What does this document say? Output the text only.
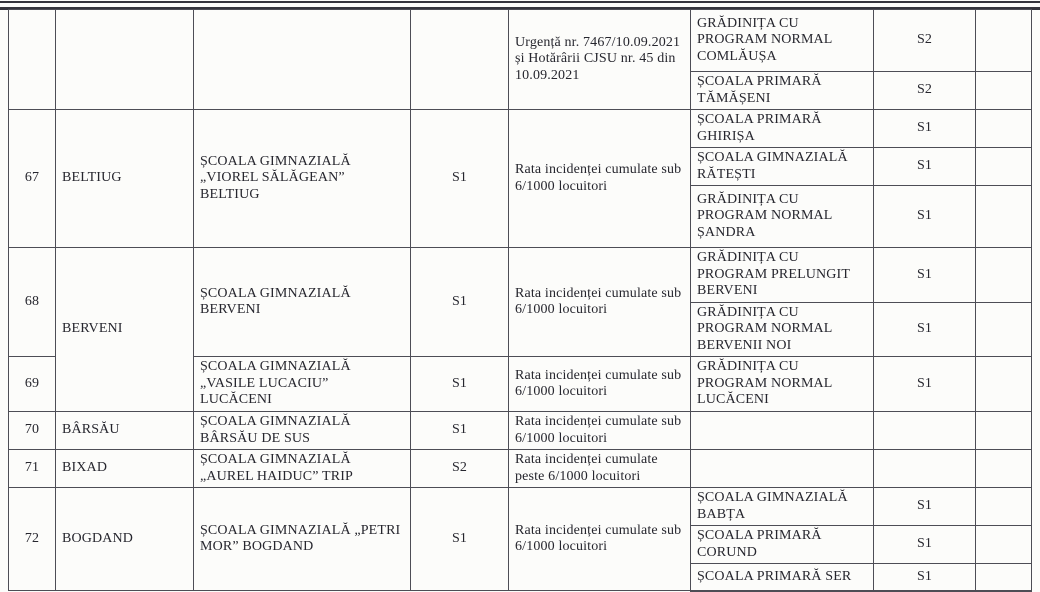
				Urgență nr. 7467/10.09.2021 și Hotărârii CJSU nr. 45 din 10.09.2021	GRĂDINIȚA CU PROGRAM NORMAL COMLĂUȘA	S2	
					ȘCOALA PRIMARĂ TĂMĂȘENI	S2	
67	BELTIUG	ȘCOALA GIMNAZIALĂ „VIOREL SĂLĂGEAN” BELTIUG	S1	Rata incidenței cumulate sub 6/1000 locuitori	ȘCOALA PRIMARĂ GHIRIȘA	S1	
					ȘCOALA GIMNAZIALĂ RĂTEȘTI	S1	
					GRĂDINIȚA CU PROGRAM NORMAL ȘANDRA	S1	
68	BERVENI	ȘCOALA GIMNAZIALĂ BERVENI	S1	Rata incidenței cumulate sub 6/1000 locuitori	GRĂDINIȚA CU PROGRAM PRELUNGIT BERVENI	S1	
					GRĂDINIȚA CU PROGRAM NORMAL BERVENII NOI	S1	
69		ȘCOALA GIMNAZIALĂ „VASILE LUCACIU” LUCĂCENI	S1	Rata incidenței cumulate sub 6/1000 locuitori	GRĂDINIȚA CU PROGRAM NORMAL LUCĂCENI	S1	
70	BÂRSĂU	ȘCOALA GIMNAZIALĂ BÂRSĂU DE SUS	S1	Rata incidenței cumulate sub 6/1000 locuitori			
71	BIXAD	ȘCOALA GIMNAZIALĂ „AUREL HAIDUC” TRIP	S2	Rata incidenței cumulate peste 6/1000 locuitori			
72	BOGDAND	ȘCOALA GIMNAZIALĂ „PETRI MOR” BOGDAND	S1	Rata incidenței cumulate sub 6/1000 locuitori	ȘCOALA GIMNAZIALĂ BABȚA	S1	
					ȘCOALA PRIMARĂ CORUND	S1	
					ȘCOALA PRIMARĂ SER	S1	
